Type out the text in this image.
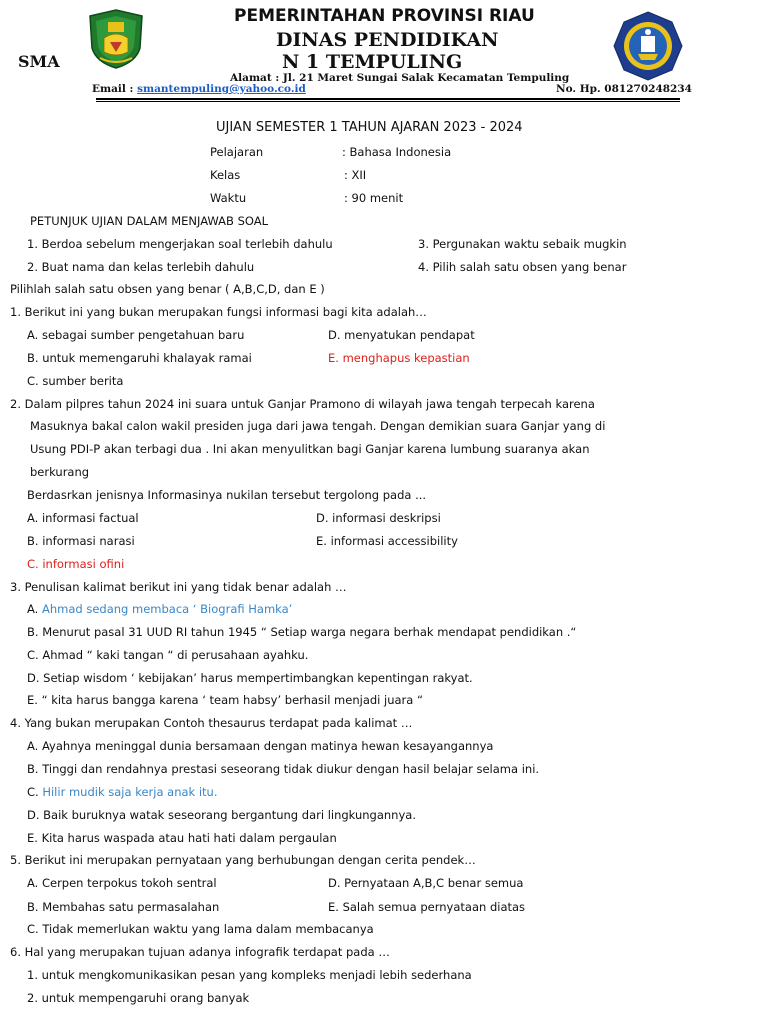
PEMERINTAHAN PROVINSI RIAU
DINAS PENDIDIKAN
SMA	N 1 TEMPULING
Alamat : Jl. 21 Maret Sungai Salak Kecamatan Tempuling
Email : smantempuling@yahoo.co.id	No. Hp. 081270248234
UJIAN SEMESTER 1 TAHUN AJARAN 2023 - 2024
Pelajaran	: Bahasa Indonesia
Kelas	: XII
Waktu	: 90 menit
PETUNJUK UJIAN DALAM MENJAWAB SOAL
1. Berdoa sebelum mengerjakan soal terlebih dahulu	3. Pergunakan waktu sebaik mugkin
2. Buat nama dan kelas terlebih dahulu	4. Pilih salah satu obsen yang benar
Pilihlah salah satu obsen yang benar ( A,B,C,D, dan E )
1. Berikut ini yang bukan merupakan fungsi informasi bagi kita adalah…
A. sebagai sumber pengetahuan baru	D. menyatukan pendapat
B. untuk memengaruhi khalayak ramai	E. menghapus kepastian
C. sumber berita
2. Dalam pilpres tahun 2024 ini suara untuk Ganjar Pramono di wilayah jawa tengah terpecah karena
Masuknya bakal calon wakil presiden juga dari jawa tengah. Dengan demikian suara Ganjar yang di
Usung PDI-P akan terbagi dua . Ini akan menyulitkan bagi Ganjar karena lumbung suaranya akan
berkurang
Berdasrkan jenisnya Informasinya nukilan tersebut tergolong pada ...
A. informasi factual	D. informasi deskripsi
B. informasi narasi	E. informasi accessibility
C. informasi ofini
3. Penulisan kalimat berikut ini yang tidak benar adalah …
A. Ahmad sedang membaca ‘ Biografi Hamka’
B. Menurut pasal 31 UUD RI tahun 1945 “ Setiap warga negara berhak mendapat pendidikan .“
C. Ahmad “ kaki tangan “ di perusahaan ayahku.
D. Setiap wisdom ‘ kebijakan’ harus mempertimbangkan kepentingan rakyat.
E. “ kita harus bangga karena ‘ team habsy’ berhasil menjadi juara “
4. Yang bukan merupakan Contoh thesaurus terdapat pada kalimat …
A. Ayahnya meninggal dunia bersamaan dengan matinya hewan kesayangannya
B. Tinggi dan rendahnya prestasi seseorang tidak diukur dengan hasil belajar selama ini.
C. Hilir mudik saja kerja anak itu.
D. Baik buruknya watak seseorang bergantung dari lingkungannya.
E. Kita harus waspada atau hati hati dalam pergaulan
5. Berikut ini merupakan pernyataan yang berhubungan dengan cerita pendek…
A. Cerpen terpokus tokoh sentral	D. Pernyataan A,B,C benar semua
B. Membahas satu permasalahan	E. Salah semua pernyataan diatas
C. Tidak memerlukan waktu yang lama dalam membacanya
6. Hal yang merupakan tujuan adanya infografik terdapat pada …
1. untuk mengkomunikasikan pesan yang kompleks menjadi lebih sederhana
2. untuk mempengaruhi orang banyak
